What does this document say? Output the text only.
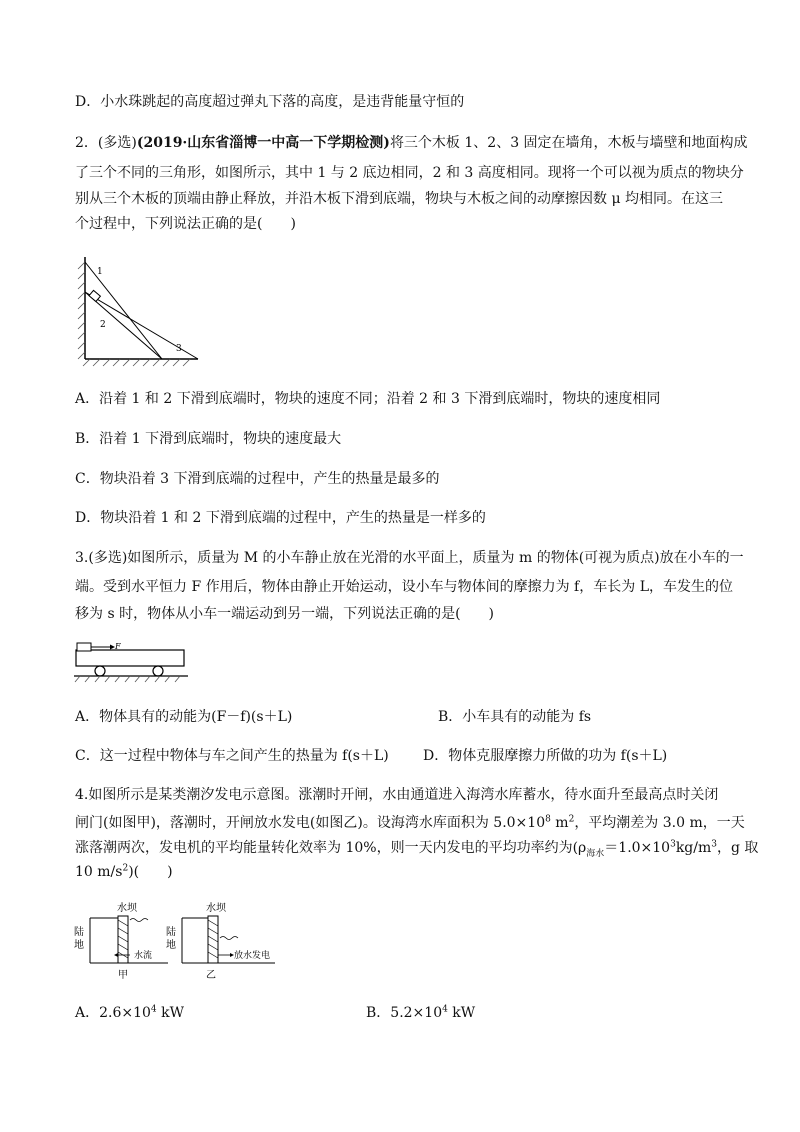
D．小水珠跳起的高度超过弹丸下落的高度，是违背能量守恒的
2．(多选)(2019·山东省淄博一中高一下学期检测)将三个木板 1、2、3 固定在墙角，木板与墙壁和地面构成
了三个不同的三角形，如图所示，其中 1 与 2 底边相同，2 和 3 高度相同。现将一个可以视为质点的物块分
别从三个木板的顶端由静止释放，并沿木板下滑到底端，物块与木板之间的动摩擦因数 μ 均相同。在这三
个过程中，下列说法正确的是(　　)
1
2
3
A．沿着 1 和 2 下滑到底端时，物块的速度不同；沿着 2 和 3 下滑到底端时，物块的速度相同
B．沿着 1 下滑到底端时，物块的速度最大
C．物块沿着 3 下滑到底端的过程中，产生的热量是最多的
D．物块沿着 1 和 2 下滑到底端的过程中，产生的热量是一样多的
3.(多选)如图所示，质量为 M 的小车静止放在光滑的水平面上，质量为 m 的物体(可视为质点)放在小车的一
端。受到水平恒力 F 作用后，物体由静止开始运动，设小车与物体间的摩擦力为 f，车长为 L，车发生的位
移为 s 时，物体从小车一端运动到另一端，下列说法正确的是(　　)
F
A．物体具有的动能为(F－f)(s＋L)	B．小车具有的动能为 fs
C．这一过程中物体与车之间产生的热量为 f(s＋L) D．物体克服摩擦力所做的功为 f(s＋L)
4.如图所示是某类潮汐发电示意图。涨潮时开闸，水由通道进入海湾水库蓄水，待水面升至最高点时关闭
闸门(如图甲)，落潮时，开闸放水发电(如图乙)。设海湾水库面积为 $5.0\times 10^8$ $m^2$，平均潮差为 3.0 m，一天
涨落潮两次，发电机的平均能量转化效率为 10%，则一天内发电的平均功率约为($\rho_{海水}=1.0\times 10^3kg/m^3$，g 取
10 $m/s^2$)(　　)
水坝
陆
地
水流
甲
水坝
陆
地
放水发电
乙
A．$2.6\times 10^4$ kW	B．$5.2\times 10^4$ kW
